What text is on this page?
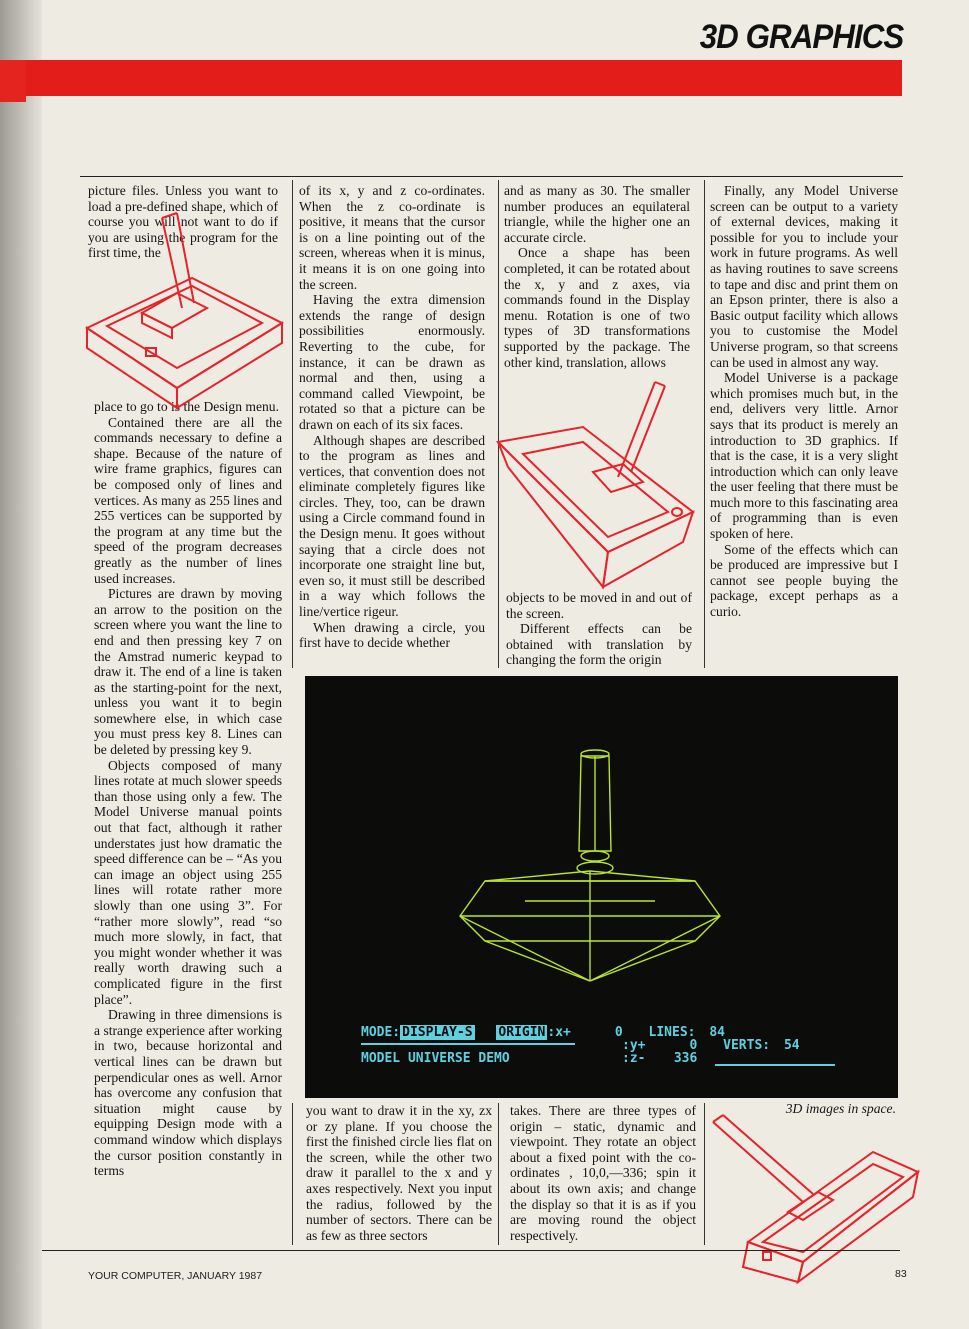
3D GRAPHICS

picture files. Unless you want to load a pre-defined shape, which of course you will not want to do if you are using the program for the first time, the

place to go to is the Design menu.

Contained there are all the commands necessary to define a shape. Because of the nature of wire frame graphics, figures can be composed only of lines and vertices. As many as 255 lines and 255 vertices can be supported by the program at any time but the speed of the program decreases greatly as the number of lines used increases.

Pictures are drawn by moving an arrow to the position on the screen where you want the line to end and then pressing key 7 on the Amstrad numeric keypad to draw it. The end of a line is taken as the starting-point for the next, unless you want it to begin somewhere else, in which case you must press key 8. Lines can be deleted by pressing key 9.

Objects composed of many lines rotate at much slower speeds than those using only a few. The Model Universe manual points out that fact, although it rather understates just how dramatic the speed difference can be – “As you can image an object using 255 lines will rotate rather more slowly than one using 3”. For “rather more slowly”, read “so much more slowly, in fact, that you might wonder whether it was really worth drawing such a complicated figure in the first place”.

Drawing in three dimensions is a strange experience after working in two, because horizontal and vertical lines can be drawn but perpendicular ones as well. Arnor has overcome any confusion that situation might cause by equipping Design mode with a command window which displays the cursor position constantly in terms

of its x, y and z co-ordinates. When the z co-ordinate is positive, it means that the cursor is on a line pointing out of the screen, whereas when it is minus, it means it is on one going into the screen.

Having the extra dimension extends the range of design possibilities enormously. Reverting to the cube, for instance, it can be drawn as normal and then, using a command called Viewpoint, be rotated so that a picture can be drawn on each of its six faces.

Although shapes are described to the program as lines and vertices, that convention does not eliminate completely figures like circles. They, too, can be drawn using a Circle command found in the Design menu. It goes without saying that a circle does not incorporate one straight line but, even so, it must still be described in a way which follows the line/vertice rigeur.

When drawing a circle, you first have to decide whether

you want to draw it in the xy, zx or zy plane. If you choose the first the finished circle lies flat on the screen, while the other two draw it parallel to the x and y axes respectively. Next you input the radius, followed by the number of sectors. There can be as few as three sectors

and as many as 30. The smaller number produces an equilateral triangle, while the higher one an accurate circle.

Once a shape has been completed, it can be rotated about the x, y and z axes, via commands found in the Display menu. Rotation is one of two types of 3D transformations supported by the package. The other kind, translation, allows

objects to be moved in and out of the screen.

Different effects can be obtained with translation by changing the form the origin

takes. There are three types of origin – static, dynamic and viewpoint. They rotate an object about a fixed point with the co-ordinates , 10,0,—336; spin it about its own axis; and change the display so that it is as if you are moving round the object respectively.

Finally, any Model Universe screen can be output to a variety of external devices, making it possible for you to include your work in future programs. As well as having routines to save screens to tape and disc and print them on an Epson printer, there is also a Basic output facility which allows you to customise the Model Universe program, so that screens can be used in almost any way.

Model Universe is a package which promises much but, in the end, delivers very little. Arnor says that its product is merely an introduction to 3D graphics. If that is the case, it is a very slight introduction which can only leave the user feeling that there must be much more to this fascinating area of programming than is even spoken of here.

Some of the effects which can be produced are impressive but I cannot see people buying the package, except perhaps as a curio.

MODE: DISPLAY-S ORIGIN :x+	0 LINES: 84
:y+	0 VERTS: 54
MODEL UNIVERSE DEMO	:z- 336
3D images in space.
YOUR COMPUTER, JANUARY 1987	83
